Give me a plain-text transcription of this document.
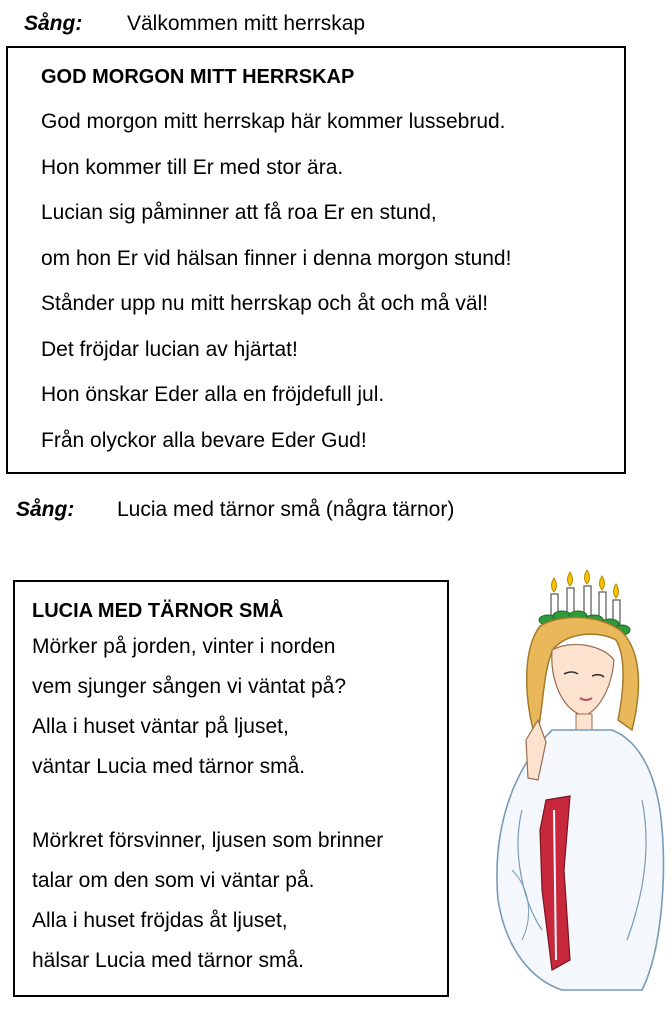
Sång: Välkommen mitt herrskap
GOD MORGON MITT HERRSKAP
God morgon mitt herrskap här kommer lussebrud.
Hon kommer till Er med stor ära.
Lucian sig påminner att få roa Er en stund,
om hon Er vid hälsan finner i denna morgon stund!
Stånder upp nu mitt herrskap och åt och må väl!
Det fröjdar lucian av hjärtat!
Hon önskar Eder alla en fröjdefull jul.
Från olyckor alla bevare Eder Gud!
Sång: Lucia med tärnor små (några tärnor)
LUCIA MED TÄRNOR SMÅ
Mörker på jorden, vinter i norden
vem sjunger sången vi väntat på?
Alla i huset väntar på ljuset,
väntar Lucia med tärnor små.
Mörkret försvinner, ljusen som brinner
talar om den som vi väntar på.
Alla i huset fröjdas åt ljuset,
hälsar Lucia med tärnor små.
